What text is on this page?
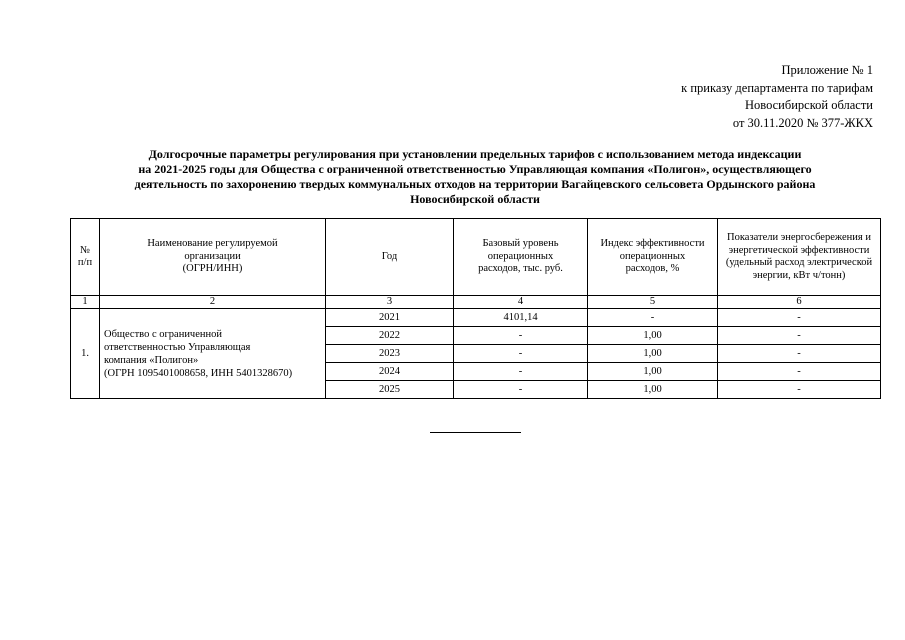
Приложение № 1
к приказу департамента по тарифам
Новосибирской области
от 30.11.2020 № 377-ЖКХ
Долгосрочные параметры регулирования при установлении предельных тарифов с использованием метода индексации
на 2021-2025 годы для Общества с ограниченной ответственностью Управляющая компания «Полигон», осуществляющего
деятельность по захоронению твердых коммунальных отходов на территории Вагайцевского сельсовета Ордынского района
Новосибирской области
№
п/п	Наименование регулируемой
организации
(ОГРН/ИНН)	Год	Базовый уровень
операционных
расходов, тыс. руб.	Индекс эффективности
операционных
расходов, %	Показатели энергосбережения и
энергетической эффективности
(удельный расход электрической
энергии, кВт ч/тонн)

1	2	3	4	5	6
1.	Общество с ограниченной
ответственностью Управляющая
компания «Полигон»
(ОГРН 1095401008658, ИНН 5401328670)	2021	4101,14	-	-
		2022	-	1,00	-
		2023	-	1,00	-
		2024	-	1,00	-
		2025	-	1,00	-
